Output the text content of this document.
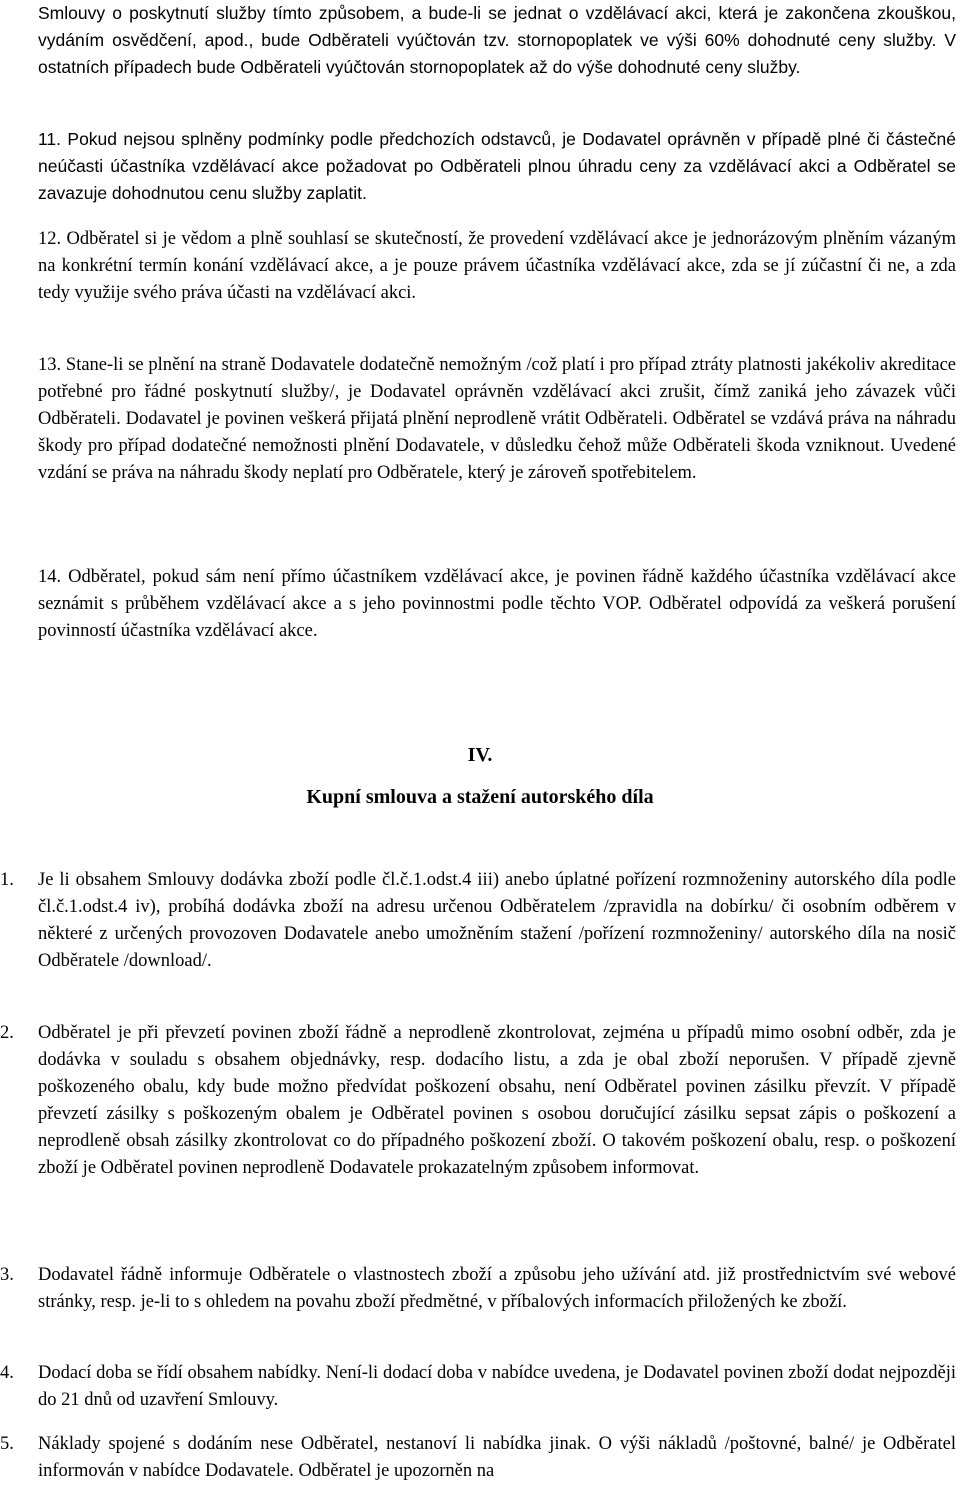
Smlouvy o poskytnutí služby tímto způsobem, a bude-li se jednat o vzdělávací akci, která je zakončena zkouškou, vydáním osvědčení, apod., bude Odběrateli vyúčtován tzv. stornopoplatek ve výši 60% dohodnuté ceny služby. V ostatních případech bude Odběrateli vyúčtován stornopoplatek až do výše dohodnuté ceny služby.
11. Pokud nejsou splněny podmínky podle předchozích odstavců, je Dodavatel oprávněn v případě plné či částečné neúčasti účastníka vzdělávací akce požadovat po Odběrateli plnou úhradu ceny za vzdělávací akci a Odběratel se zavazuje dohodnutou cenu služby zaplatit.
12. Odběratel si je vědom a plně souhlasí se skutečností, že provedení vzdělávací akce je jednorázovým plněním vázaným na konkrétní termín konání vzdělávací akce, a je pouze právem účastníka vzdělávací akce, zda se jí zúčastní či ne, a zda tedy využije svého práva účasti na vzdělávací akci.
13. Stane-li se plnění na straně Dodavatele dodatečně nemožným /což platí i pro případ ztráty platnosti jakékoliv akreditace potřebné pro řádné poskytnutí služby/, je Dodavatel oprávněn vzdělávací akci zrušit, čímž zaniká jeho závazek vůči Odběrateli. Dodavatel je povinen veškerá přijatá plnění neprodleně vrátit Odběrateli. Odběratel se vzdává práva na náhradu škody pro případ dodatečné nemožnosti plnění Dodavatele, v důsledku čehož může Odběrateli škoda vzniknout. Uvedené vzdání se práva na náhradu škody neplatí pro Odběratele, který je zároveň spotřebitelem.
14. Odběratel, pokud sám není přímo účastníkem vzdělávací akce, je povinen řádně každého účastníka vzdělávací akce seznámit s průběhem vzdělávací akce a s jeho povinnostmi podle těchto VOP. Odběratel odpovídá za veškerá porušení povinností účastníka vzdělávací akce.
IV.
Kupní smlouva a stažení autorského díla
1. Je li obsahem Smlouvy dodávka zboží podle čl.č.1.odst.4 iii) anebo úplatné pořízení rozmnoženiny autorského díla podle čl.č.1.odst.4 iv), probíhá dodávka zboží na adresu určenou Odběratelem /zpravidla na dobírku/ či osobním odběrem v některé z určených provozoven Dodavatele anebo umožněním stažení /pořízení rozmnoženiny/ autorského díla na nosič Odběratele /download/.
2. Odběratel je při převzetí povinen zboží řádně a neprodleně zkontrolovat, zejména u případů mimo osobní odběr, zda je dodávka v souladu s obsahem objednávky, resp. dodacího listu, a zda je obal zboží neporušen. V případě zjevně poškozeného obalu, kdy bude možno předvídat poškození obsahu, není Odběratel povinen zásilku převzít. V případě převzetí zásilky s poškozeným obalem je Odběratel povinen s osobou doručující zásilku sepsat zápis o poškození a neprodleně obsah zásilky zkontrolovat co do případného poškození zboží. O takovém poškození obalu, resp. o poškození zboží je Odběratel povinen neprodleně Dodavatele prokazatelným způsobem informovat.
3. Dodavatel řádně informuje Odběratele o vlastnostech zboží a způsobu jeho užívání atd. již prostřednictvím své webové stránky, resp. je-li to s ohledem na povahu zboží předmětné, v příbalových informacích přiložených ke zboží.
4. Dodací doba se řídí obsahem nabídky. Není-li dodací doba v nabídce uvedena, je Dodavatel povinen zboží dodat nejpozději do 21 dnů od uzavření Smlouvy.
5. Náklady spojené s dodáním nese Odběratel, nestanoví li nabídka jinak. O výši nákladů /poštovné, balné/ je Odběratel informován v nabídce Dodavatele. Odběratel je upozorněn na
